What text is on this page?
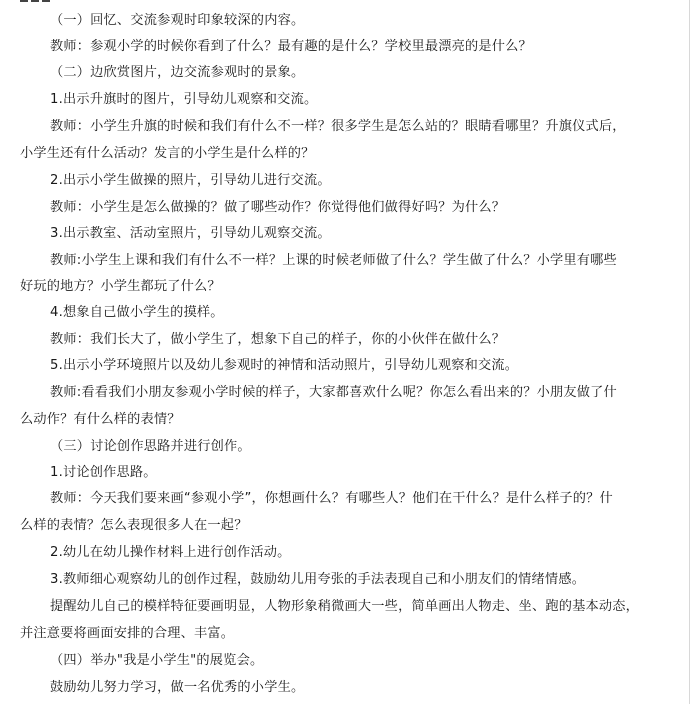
（一）回忆、交流参观时印象较深的内容。
教师：参观小学的时候你看到了什么？最有趣的是什么？学校里最漂亮的是什么？
（二）边欣赏图片，边交流参观时的景象。
1.出示升旗时的图片，引导幼儿观察和交流。
教师：小学生升旗的时候和我们有什么不一样？很多学生是怎么站的？眼睛看哪里？升旗仪式后，
小学生还有什么活动？发言的小学生是什么样的？
2.出示小学生做操的照片，引导幼儿进行交流。
教师：小学生是怎么做操的？做了哪些动作？你觉得他们做得好吗？为什么？
3.出示教室、活动室照片，引导幼儿观察交流。
教师:小学生上课和我们有什么不一样？上课的时候老师做了什么？学生做了什么？小学里有哪些
好玩的地方？小学生都玩了什么？
4.想象自己做小学生的摸样。
教师：我们长大了，做小学生了，想象下自己的样子，你的小伙伴在做什么？
5.出示小学环境照片以及幼儿参观时的神情和活动照片，引导幼儿观察和交流。
教师:看看我们小朋友参观小学时候的样子，大家都喜欢什么呢？你怎么看出来的？小朋友做了什
么动作？有什么样的表情？
（三）讨论创作思路并进行创作。
1.讨论创作思路。
教师：今天我们要来画“参观小学”，你想画什么？有哪些人？他们在干什么？是什么样子的？什
么样的表情？怎么表现很多人在一起？
2.幼儿在幼儿操作材料上进行创作活动。
3.教师细心观察幼儿的创作过程，鼓励幼儿用夸张的手法表现自己和小朋友们的情绪情感。
提醒幼儿自己的模样特征要画明显，人物形象稍微画大一些，简单画出人物走、坐、跑的基本动态，
并注意要将画面安排的合理、丰富。
（四）举办"我是小学生"的展览会。
鼓励幼儿努力学习，做一名优秀的小学生。
